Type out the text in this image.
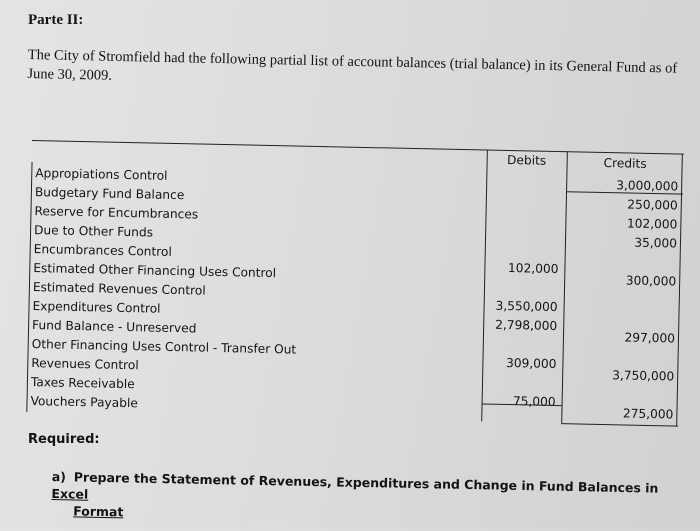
Parte II:
The City of Stromfield had the following partial list of account balances (trial balance) in its General Fund as of June 30, 2009.
Debits	Credits
Appropiations Control
Budgetary Fund Balance
Reserve for Encumbrances
Due to Other Funds
Encumbrances Control
Estimated Other Financing Uses Control
Estimated Revenues Control
Expenditures Control
Fund Balance - Unreserved
Other Financing Uses Control - Transfer Out
Revenues Control
Taxes Receivable
Vouchers Payable
102,000
3,550,000
2,798,000
309,000
75,000
3,000,000
250,000
102,000
35,000
300,000
297,000
3,750,000
275,000
Required:
a) Prepare the Statement of Revenues, Expenditures and Change in Fund Balances in Excel
Format
